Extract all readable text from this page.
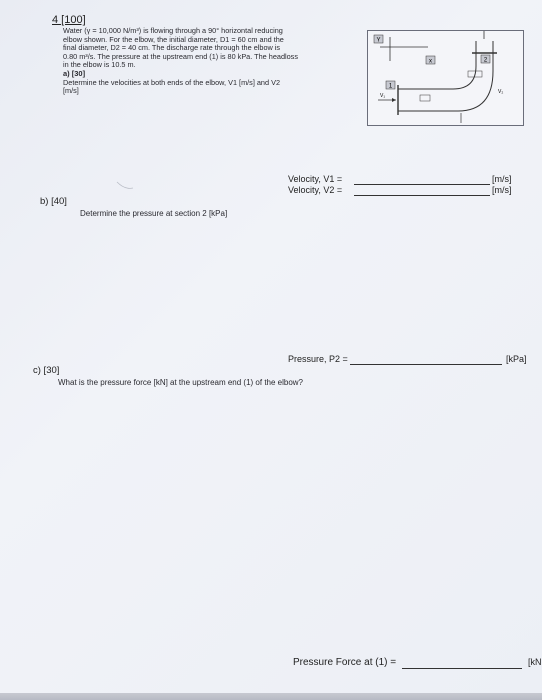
4 [100]

Water (γ = 10,000 N/m³) is flowing through a 90° horizontal reducing

elbow shown. For the elbow, the initial diameter, D1 = 60 cm and the

final diameter, D2 = 40 cm. The discharge rate through the elbow is

0.80 m³/s. The pressure at the upstream end (1) is 80 kPa. The headloss

in the elbow is 10.5 m.

a) [30]

Determine the velocities at both ends of the elbow, V1 [m/s] and V2

[m/s]

Y
x	2
1
V₁
V₂
Velocity, V1 =	[m/s]
Velocity, V2 =	[m/s]
b) [40]
Determine the pressure at section 2 [kPa]
Pressure, P2 =	[kPa]
c) [30]
What is the pressure force [kN] at the upstream end (1) of the elbow?
Pressure Force at (1) =	[kN
